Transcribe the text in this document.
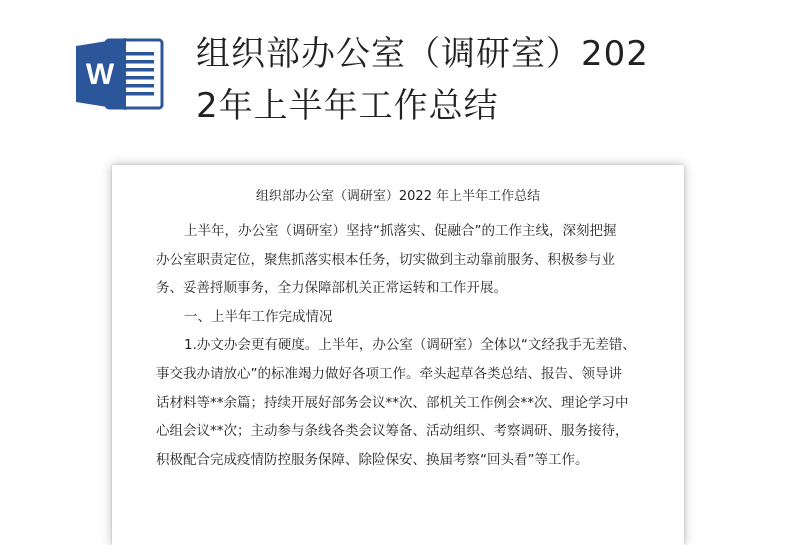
W
组织部办公室（调研室）202
2年上半年工作总结
组织部办公室（调研室）2022 年上半年工作总结
上半年，办公室（调研室）坚持“抓落实、促融合”的工作主线，深刻把握
办公室职责定位，聚焦抓落实根本任务，切实做到主动靠前服务、积极参与业
务、妥善捋顺事务，全力保障部机关正常运转和工作开展。
一、上半年工作完成情况
1.办文办会更有硬度。上半年，办公室（调研室）全体以“文经我手无差错、
事交我办请放心”的标准竭力做好各项工作。牵头起草各类总结、报告、领导讲
话材料等**余篇；持续开展好部务会议**次、部机关工作例会**次、理论学习中
心组会议**次；主动参与条线各类会议筹备、活动组织、考察调研、服务接待，
积极配合完成疫情防控服务保障、除险保安、换届考察“回头看”等工作。
